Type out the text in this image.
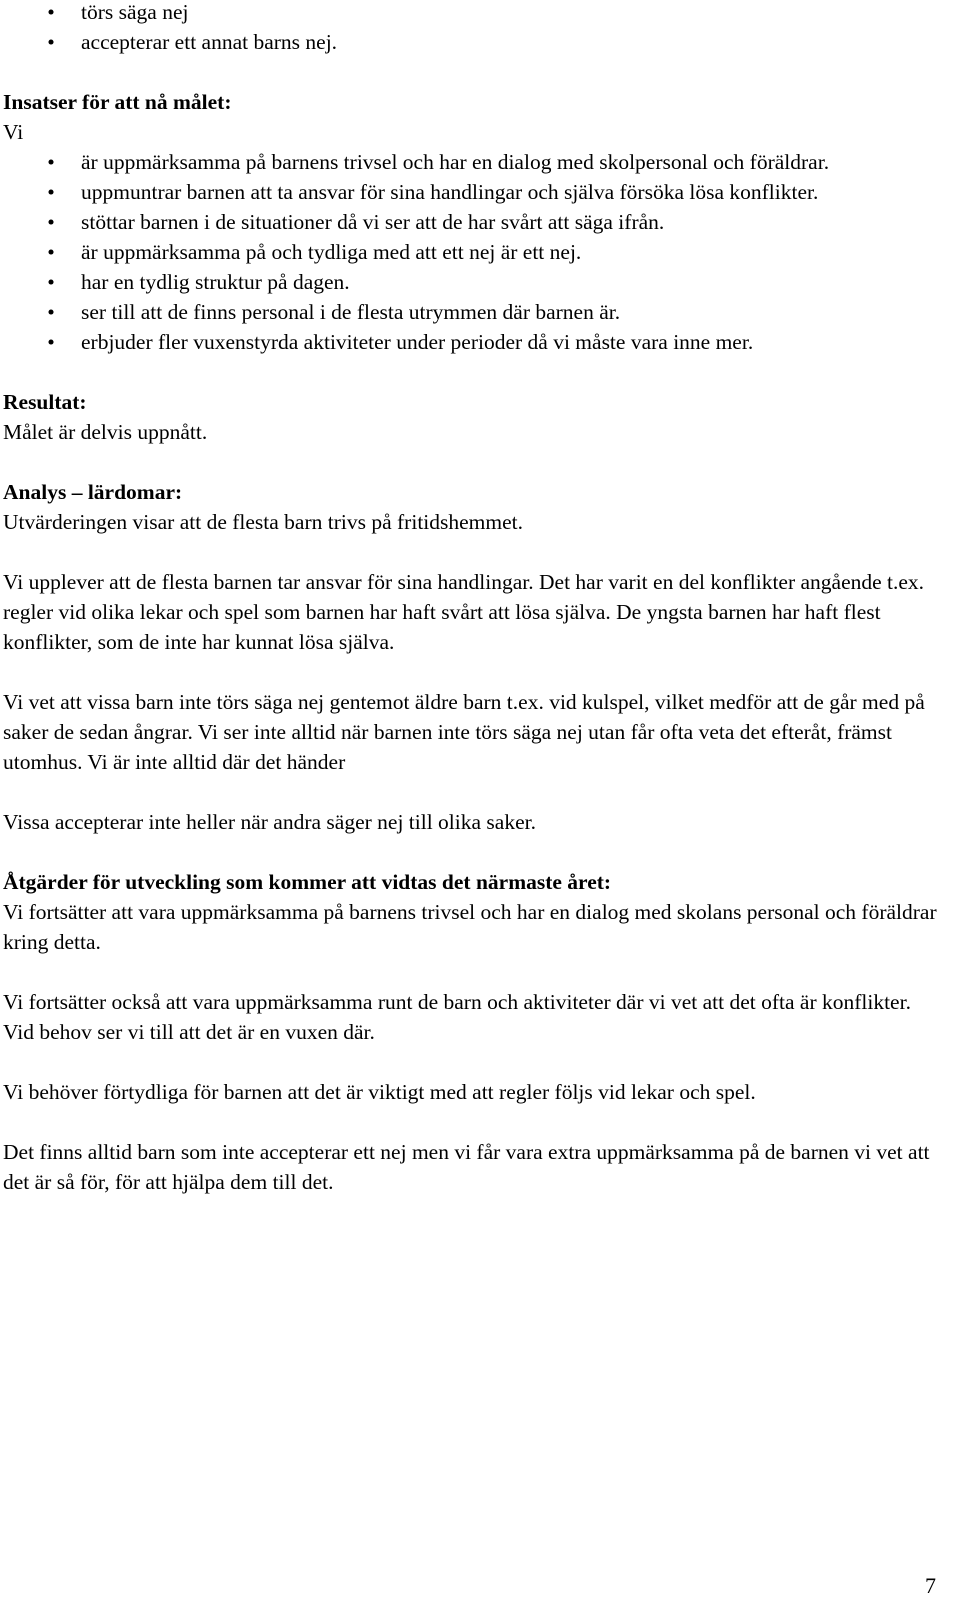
• törs säga nej
• accepterar ett annat barns nej.
Insatser för att nå målet:
Vi
• är uppmärksamma på barnens trivsel och har en dialog med skolpersonal och föräldrar.
• uppmuntrar barnen att ta ansvar för sina handlingar och själva försöka lösa konflikter.
• stöttar barnen i de situationer då vi ser att de har svårt att säga ifrån.
• är uppmärksamma på och tydliga med att ett nej är ett nej.
• har en tydlig struktur på dagen.
• ser till att de finns personal i de flesta utrymmen där barnen är.
• erbjuder fler vuxenstyrda aktiviteter under perioder då vi måste vara inne mer.
Resultat:
Målet är delvis uppnått.
Analys – lärdomar:
Utvärderingen visar att de flesta barn trivs på fritidshemmet.
Vi upplever att de flesta barnen tar ansvar för sina handlingar. Det har varit en del konflikter angående t.ex. regler vid olika lekar och spel som barnen har haft svårt att lösa själva. De yngsta barnen har haft flest konflikter, som de inte har kunnat lösa själva.
Vi vet att vissa barn inte törs säga nej gentemot äldre barn t.ex. vid kulspel, vilket medför att de går med på saker de sedan ångrar. Vi ser inte alltid när barnen inte törs säga nej utan får ofta veta det efteråt, främst utomhus. Vi är inte alltid där det händer
Vissa accepterar inte heller när andra säger nej till olika saker.
Åtgärder för utveckling som kommer att vidtas det närmaste året:
Vi fortsätter att vara uppmärksamma på barnens trivsel och har en dialog med skolans personal och föräldrar kring detta.
Vi fortsätter också att vara uppmärksamma runt de barn och aktiviteter där vi vet att det ofta är konflikter. Vid behov ser vi till att det är en vuxen där.
Vi behöver förtydliga för barnen att det är viktigt med att regler följs vid lekar och spel.
Det finns alltid barn som inte accepterar ett nej men vi får vara extra uppmärksamma på de barnen vi vet att det är så för, för att hjälpa dem till det.
7
